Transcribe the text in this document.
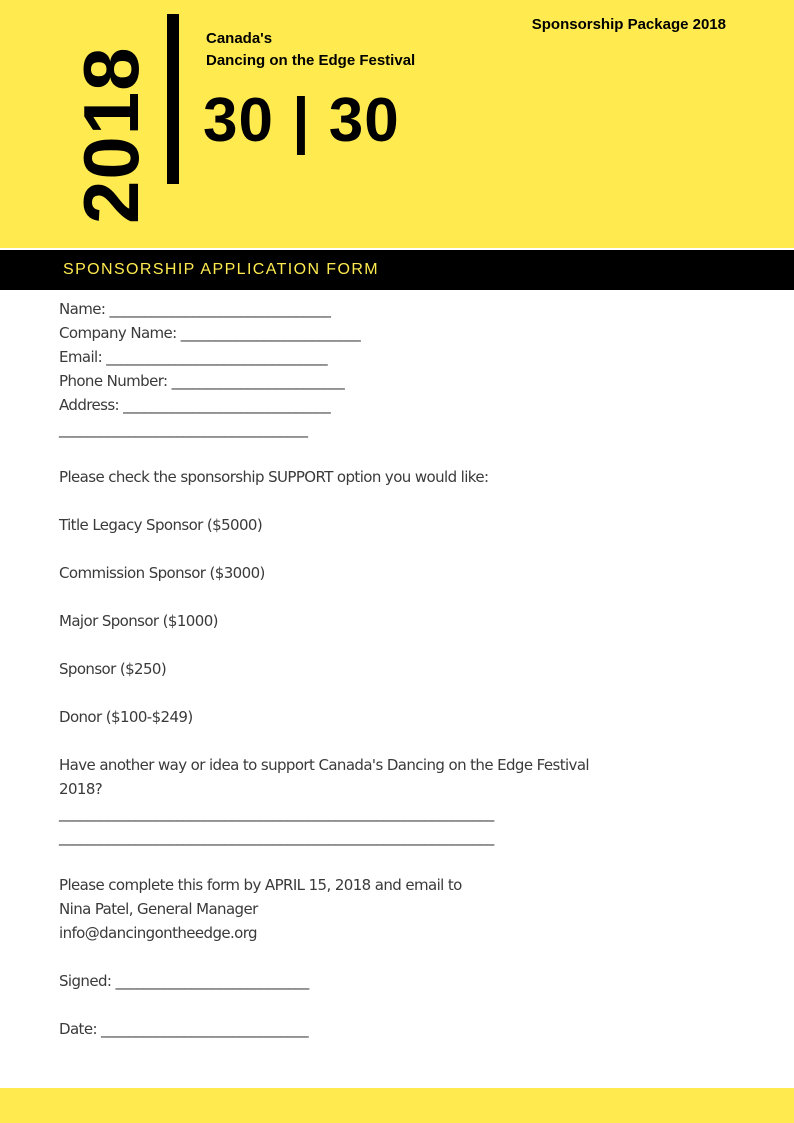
2018
Canada's
Dancing on the Edge Festival
30 | 30
Sponsorship Package 2018
SPONSORSHIP APPLICATION FORM
Name: ________________________________
Company Name: __________________________
Email: ________________________________
Phone Number: _________________________
Address: ______________________________
____________________________________
Please check the sponsorship SUPPORT option you would like:
Title Legacy Sponsor ($5000)
Commission Sponsor ($3000)
Major Sponsor ($1000)
Sponsor ($250)
Donor ($100-$249)
Have another way or idea to support Canada's Dancing on the Edge Festival 2018?
_______________________________________________________________
_______________________________________________________________
Please complete this form by APRIL 15, 2018 and email to
Nina Patel, General Manager
info@dancingontheedge.org
Signed: ____________________________
Date: ______________________________
